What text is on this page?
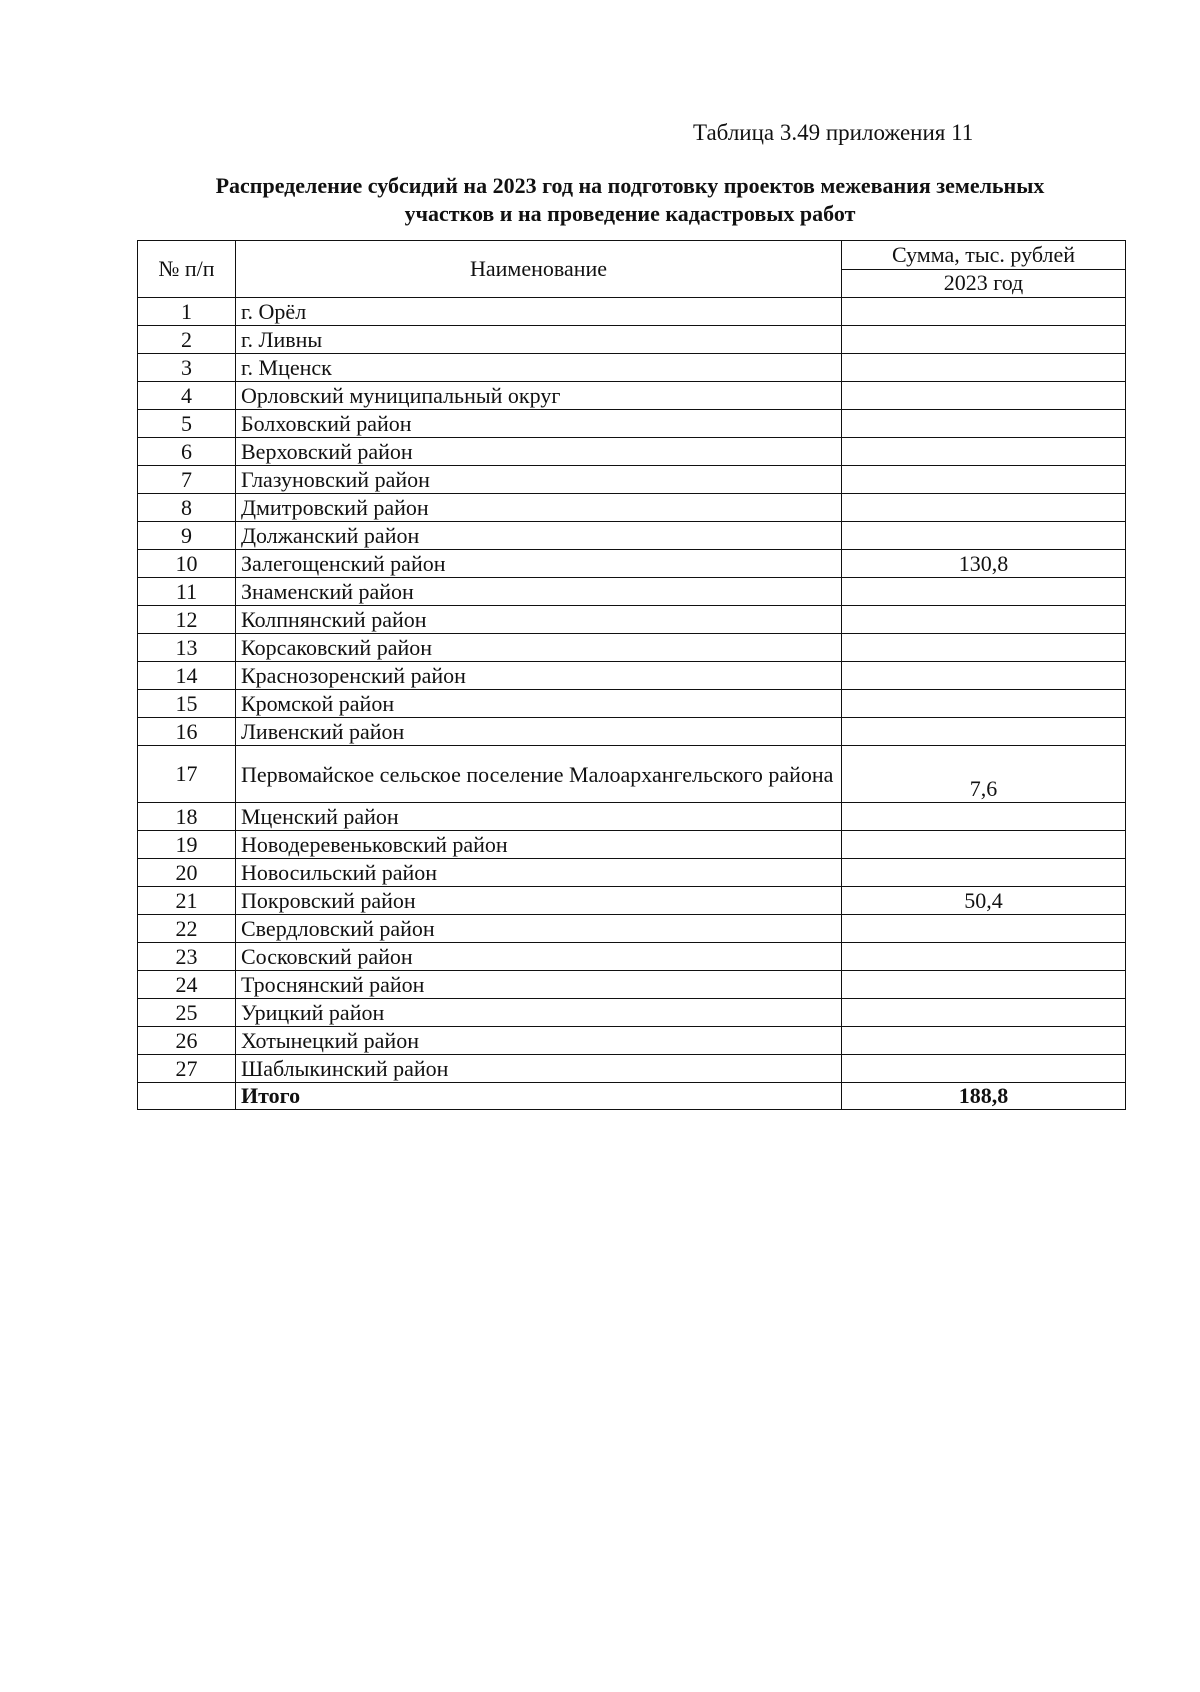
Таблица 3.49 приложения 11
Распределение субсидий на 2023 год на подготовку проектов межевания земельных
участков и на проведение кадастровых работ
№ п/п	Наименование	Сумма, тыс. рублей
		2023 год
1	г. Орёл	
2	г. Ливны	
3	г. Мценск	
4	Орловский муниципальный округ	
5	Болховский район	
6	Верховский район	
7	Глазуновский район	
8	Дмитровский район	
9	Должанский район	
10	Залегощенский район	130,8
11	Знаменский район	
12	Колпнянский район	
13	Корсаковский район	
14	Краснозоренский район	
15	Кромской район	
16	Ливенский район	
17	Первомайское сельское поселение Малоархангельского района	7,6
18	Мценский район	
19	Новодеревеньковский район	
20	Новосильский район	
21	Покровский район	50,4
22	Свердловский район	
23	Сосковский район	
24	Троснянский район	
25	Урицкий район	
26	Хотынецкий район	
27	Шаблыкинский район	
	Итого	188,8
